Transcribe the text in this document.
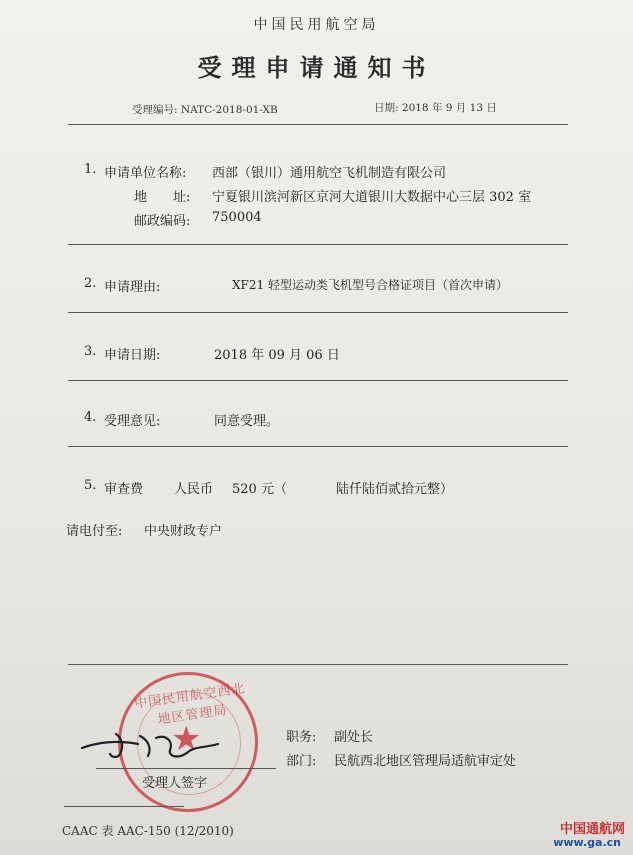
中国民用航空局
受理申请通知书
受理编号: NATC-2018-01-XB	日期: 2018 年 9 月 13 日
1. 申请单位名称: 西部（银川）通用航空飞机制造有限公司
地　　址: 宁夏银川滨河新区京河大道银川大数据中心三层 302 室
邮政编码: 750004
2. 申请理由:	XF21 轻型运动类飞机型号合格证项目（首次申请）
3. 申请日期:	2018 年 09 月 06 日
4. 受理意见:	同意受理。
5. 审查费 人民币 520 元（	陆仟陆佰贰拾元整）
请电付至: 中央财政专户
中国民用航空西北地区管理局
★
受理人签字
职务: 副处长
部门: 民航西北地区管理局适航审定处
CAAC 表 AAC-150 (12/2010)	中国通航网
www.ga.cn
